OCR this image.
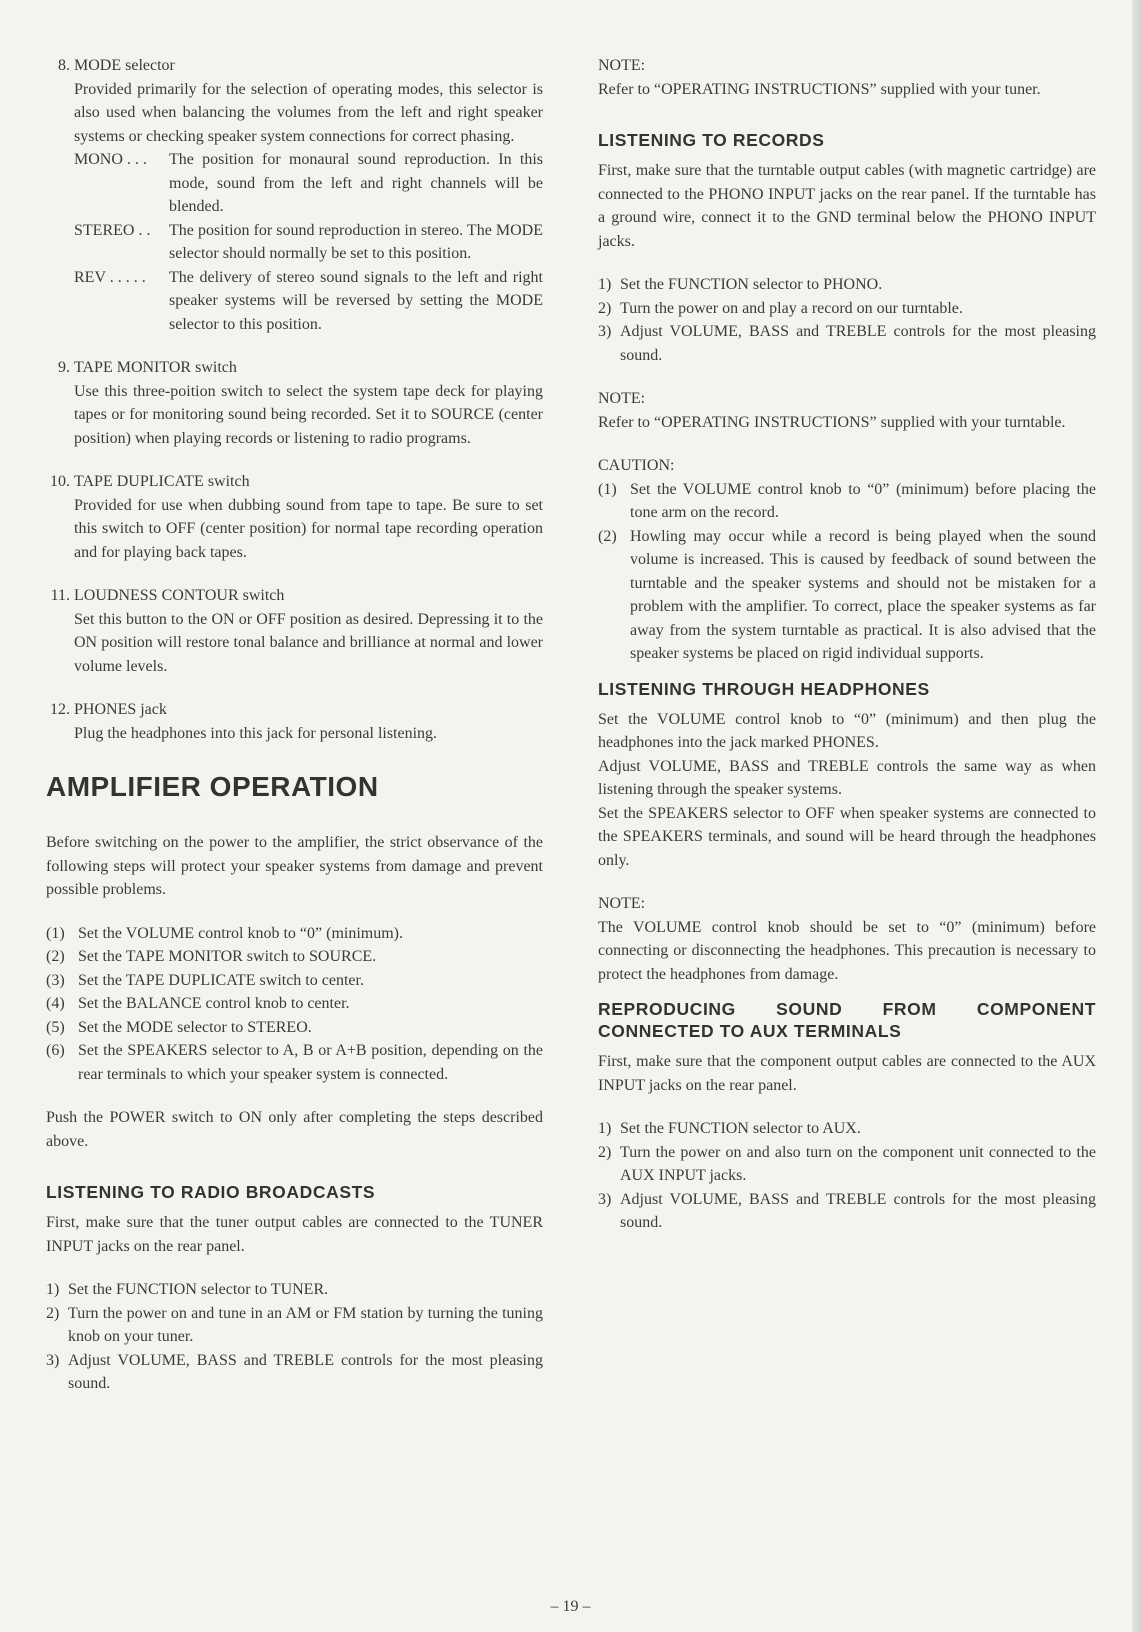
8. MODE selector

Provided primarily for the selection of operating modes, this selector is also used when balancing the volumes from the left and right speaker systems or checking speaker system connections for correct phasing.

MONO . . .	The position for monaural sound reproduction. In this mode, sound from the left and right channels will be blended.
STEREO . .	The position for sound reproduction in stereo. The MODE selector should normally be set to this position.
REV . . . . .	The delivery of stereo sound signals to the left and right speaker systems will be reversed by setting the MODE selector to this position.
9. TAPE MONITOR switch

Use this three-poition switch to select the system tape deck for playing tapes or for monitoring sound being recorded. Set it to SOURCE (center position) when playing records or listening to radio programs.

10. TAPE DUPLICATE switch

Provided for use when dubbing sound from tape to tape. Be sure to set this switch to OFF (center position) for normal tape recording operation and for playing back tapes.

11. LOUDNESS CONTOUR switch

Set this button to the ON or OFF position as desired. Depressing it to the ON position will restore tonal balance and brilliance at normal and lower volume levels.

12. PHONES jack

Plug the headphones into this jack for personal listening.

AMPLIFIER OPERATION

Before switching on the power to the amplifier, the strict observance of the following steps will protect your speaker systems from damage and prevent possible problems.

(1) Set the VOLUME control knob to “0” (minimum).
(2) Set the TAPE MONITOR switch to SOURCE.
(3) Set the TAPE DUPLICATE switch to center.
(4) Set the BALANCE control knob to center.
(5) Set the MODE selector to STEREO.
(6) Set the SPEAKERS selector to A, B or A+B position, depending on the rear terminals to which your speaker system is connected.

Push the POWER switch to ON only after completing the steps described above.

LISTENING TO RADIO BROADCASTS

First, make sure that the tuner output cables are connected to the TUNER INPUT jacks on the rear panel.

1) Set the FUNCTION selector to TUNER.
2) Turn the power on and tune in an AM or FM station by turning the tuning knob on your tuner.
3) Adjust VOLUME, BASS and TREBLE controls for the most pleasing sound.

NOTE:

Refer to “OPERATING INSTRUCTIONS” supplied with your tuner.

LISTENING TO RECORDS

First, make sure that the turntable output cables (with magnetic cartridge) are connected to the PHONO INPUT jacks on the rear panel. If the turntable has a ground wire, connect it to the GND terminal below the PHONO INPUT jacks.

1) Set the FUNCTION selector to PHONO.
2) Turn the power on and play a record on our turntable.
3) Adjust VOLUME, BASS and TREBLE controls for the most pleasing sound.

NOTE:

Refer to “OPERATING INSTRUCTIONS” supplied with your turntable.

CAUTION:

(1) Set the VOLUME control knob to “0” (minimum) before placing the tone arm on the record.
(2) Howling may occur while a record is being played when the sound volume is increased. This is caused by feedback of sound between the turntable and the speaker systems and should not be mistaken for a problem with the amplifier. To correct, place the speaker systems as far away from the system turntable as practical. It is also advised that the speaker systems be placed on rigid individual supports.
LISTENING THROUGH HEADPHONES

Set the VOLUME control knob to “0” (minimum) and then plug the headphones into the jack marked PHONES.

Adjust VOLUME, BASS and TREBLE controls the same way as when listening through the speaker systems.

Set the SPEAKERS selector to OFF when speaker systems are connected to the SPEAKERS terminals, and sound will be heard through the headphones only.

NOTE:

The VOLUME control knob should be set to “0” (minimum) before connecting or disconnecting the headphones. This precaution is necessary to protect the headphones from damage.

REPRODUCING SOUND FROM COMPONENT
CONNECTED TO AUX TERMINALS

First, make sure that the component output cables are connected to the AUX INPUT jacks on the rear panel.

1) Set the FUNCTION selector to AUX.
2) Turn the power on and also turn on the component unit connected to the AUX INPUT jacks.
3) Adjust VOLUME, BASS and TREBLE controls for the most pleasing sound.
– 19 –
